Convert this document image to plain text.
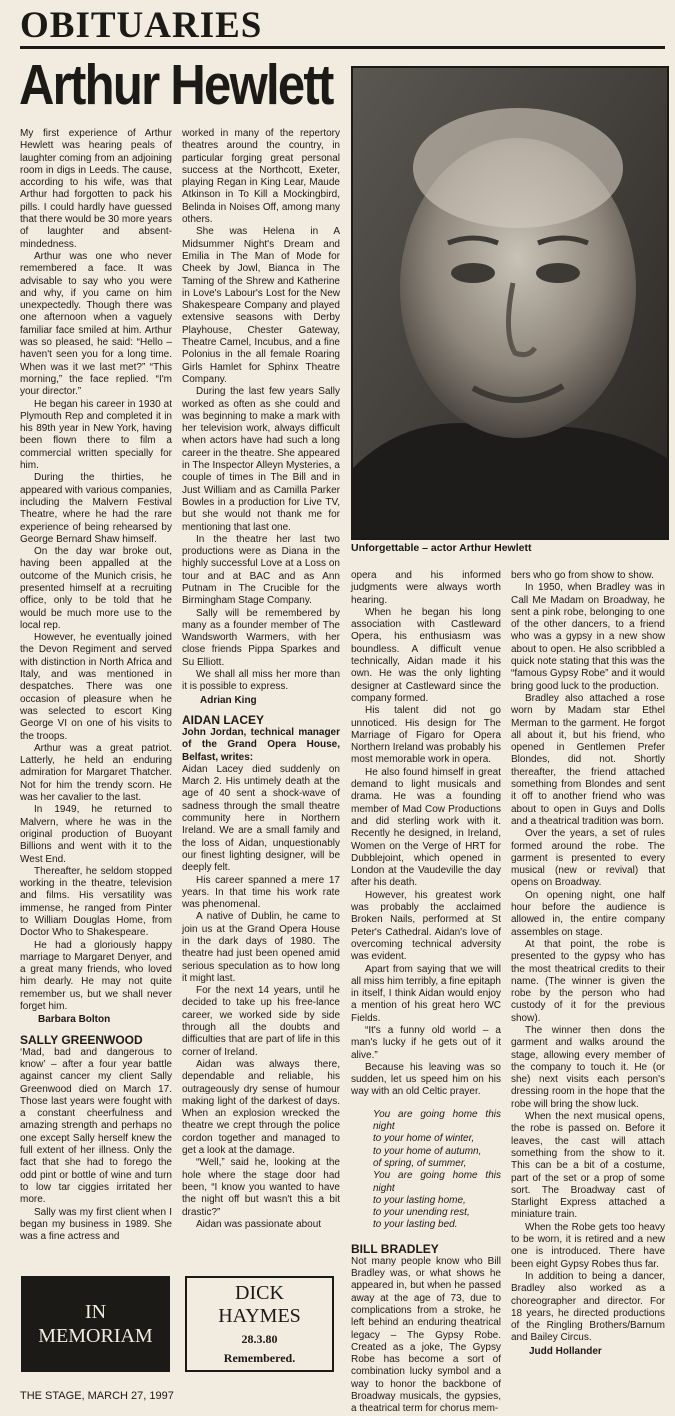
OBITUARIES
Arthur Hewlett
Unforgettable – actor Arthur Hewlett

My first experience of Arthur Hewlett was hearing peals of laughter coming from an adjoining room in digs in Leeds. The cause, according to his wife, was that Arthur had forgotten to pack his pills. I could hardly have guessed that there would be 30 more years of laughter and absent-mindedness.

Arthur was one who never remembered a face. It was advisable to say who you were and why, if you came on him unexpectedly. Though there was one afternoon when a vaguely familiar face smiled at him. Arthur was so pleased, he said: “Hello – haven't seen you for a long time. When was it we last met?” “This morning,” the face replied. “I'm your director.”

He began his career in 1930 at Plymouth Rep and completed it in his 89th year in New York, having been flown there to film a commercial written specially for him.

During the thirties, he appeared with various companies, including the Malvern Festival Theatre, where he had the rare experience of being rehearsed by George Bernard Shaw himself.

On the day war broke out, having been appalled at the outcome of the Munich crisis, he presented himself at a recruiting office, only to be told that he would be much more use to the local rep.

However, he eventually joined the Devon Regiment and served with distinction in North Africa and Italy, and was mentioned in despatches. There was one occasion of pleasure when he was selected to escort King George VI on one of his visits to the troops.

Arthur was a great patriot. Latterly, he held an enduring admiration for Margaret Thatcher. Not for him the trendy scorn. He was her cavalier to the last.

In 1949, he returned to Malvern, where he was in the original production of Buoyant Billions and went with it to the West End.

Thereafter, he seldom stopped working in the theatre, television and films. His versatility was immense, he ranged from Pinter to William Douglas Home, from Doctor Who to Shakespeare.

He had a gloriously happy marriage to Margaret Denyer, and a great many friends, who loved him dearly. He may not quite remember us, but we shall never forget him.

Barbara Bolton
SALLY GREENWOOD

‘Mad, bad and dangerous to know’ – after a four year battle against cancer my client Sally Greenwood died on March 17. Those last years were fought with a constant cheerfulness and amazing strength and perhaps no one except Sally herself knew the full extent of her illness. Only the fact that she had to forego the odd pint or bottle of wine and turn to low tar ciggies irritated her more.

Sally was my first client when I began my business in 1989. She was a fine actress and

worked in many of the repertory theatres around the country, in particular forging great personal success at the Northcott, Exeter, playing Regan in King Lear, Maude Atkinson in To Kill a Mockingbird, Belinda in Noises Off, among many others.

She was Helena in A Midsummer Night's Dream and Emilia in The Man of Mode for Cheek by Jowl, Bianca in The Taming of the Shrew and Katherine in Love's Labour's Lost for the New Shakespeare Company and played extensive seasons with Derby Playhouse, Chester Gateway, Theatre Camel, Incubus, and a fine Polonius in the all female Roaring Girls Hamlet for Sphinx Theatre Company.

During the last few years Sally worked as often as she could and was beginning to make a mark with her television work, always difficult when actors have had such a long career in the theatre. She appeared in The Inspector Alleyn Mysteries, a couple of times in The Bill and in Just William and as Camilla Parker Bowles in a production for Live TV, but she would not thank me for mentioning that last one.

In the theatre her last two productions were as Diana in the highly successful Love at a Loss on tour and at BAC and as Ann Putnam in The Crucible for the Birmingham Stage Company.

Sally will be remembered by many as a founder member of The Wandsworth Warmers, with her close friends Pippa Sparkes and Su Elliott.

We shall all miss her more than it is possible to express.

Adrian King
AIDAN LACEY
John Jordan, technical manager of the Grand Opera House, Belfast, writes:

Aidan Lacey died suddenly on March 2. His untimely death at the age of 40 sent a shock-wave of sadness through the small theatre community here in Northern Ireland. We are a small family and the loss of Aidan, unquestionably our finest lighting designer, will be deeply felt.

His career spanned a mere 17 years. In that time his work rate was phenomenal.

A native of Dublin, he came to join us at the Grand Opera House in the dark days of 1980. The theatre had just been opened amid serious speculation as to how long it might last.

For the next 14 years, until he decided to take up his free-lance career, we worked side by side through all the doubts and difficulties that are part of life in this corner of Ireland.

Aidan was always there, dependable and reliable, his outrageously dry sense of humour making light of the darkest of days. When an explosion wrecked the theatre we crept through the police cordon together and managed to get a look at the damage.

“Well,” said he, looking at the hole where the stage door had been, “I know you wanted to have the night off but wasn't this a bit drastic?”

Aidan was passionate about

opera and his informed judgments were always worth hearing.

When he began his long association with Castleward Opera, his enthusiasm was boundless. A difficult venue technically, Aidan made it his own. He was the only lighting designer at Castleward since the company formed.

His talent did not go unnoticed. His design for The Marriage of Figaro for Opera Northern Ireland was probably his most memorable work in opera.

He also found himself in great demand to light musicals and drama. He was a founding member of Mad Cow Productions and did sterling work with it. Recently he designed, in Ireland, Women on the Verge of HRT for Dubblejoint, which opened in London at the Vaudeville the day after his death.

However, his greatest work was probably the acclaimed Broken Nails, performed at St Peter's Cathedral. Aidan's love of overcoming technical adversity was evident.

Apart from saying that we will all miss him terribly, a fine epitaph in itself, I think Aidan would enjoy a mention of his great hero WC Fields.

“It's a funny old world – a man's lucky if he gets out of it alive.”

Because his leaving was so sudden, let us speed him on his way with an old Celtic prayer.

You are going home this night
to your home of winter,
to your home of autumn,
of spring, of summer,
You are going home this night
to your lasting home,
to your unending rest,
to your lasting bed.
BILL BRADLEY

Not many people know who Bill Bradley was, or what shows he appeared in, but when he passed away at the age of 73, due to complications from a stroke, he left behind an enduring theatrical legacy – The Gypsy Robe. Created as a joke, The Gypsy Robe has become a sort of combination lucky symbol and a way to honor the backbone of Broadway musicals, the gypsies, a theatrical term for chorus mem-

bers who go from show to show.

In 1950, when Bradley was in Call Me Madam on Broadway, he sent a pink robe, belonging to one of the other dancers, to a friend who was a gypsy in a new show about to open. He also scribbled a quick note stating that this was the “famous Gypsy Robe” and it would bring good luck to the production.

Bradley also attached a rose worn by Madam star Ethel Merman to the garment. He forgot all about it, but his friend, who opened in Gentlemen Prefer Blondes, did not. Shortly thereafter, the friend attached something from Blondes and sent it off to another friend who was about to open in Guys and Dolls and a theatrical tradition was born.

Over the years, a set of rules formed around the robe. The garment is presented to every musical (new or revival) that opens on Broadway.

On opening night, one half hour before the audience is allowed in, the entire company assembles on stage.

At that point, the robe is presented to the gypsy who has the most theatrical credits to their name. (The winner is given the robe by the person who had custody of it for the previous show).

The winner then dons the garment and walks around the stage, allowing every member of the company to touch it. He (or she) next visits each person's dressing room in the hope that the robe will bring the show luck.

When the next musical opens, the robe is passed on. Before it leaves, the cast will attach something from the show to it. This can be a bit of a costume, part of the set or a prop of some sort. The Broadway cast of Starlight Express attached a miniature train.

When the Robe gets too heavy to be worn, it is retired and a new one is introduced. There have been eight Gypsy Robes thus far.

In addition to being a dancer, Bradley also worked as a choreographer and director. For 18 years, he directed productions of the Ringling Brothers/Barnum and Bailey Circus.

Judd Hollander
IN
MEMORIAM
DICK
HAYMES
28.3.80
Remembered.
THE STAGE, MARCH 27, 1997
